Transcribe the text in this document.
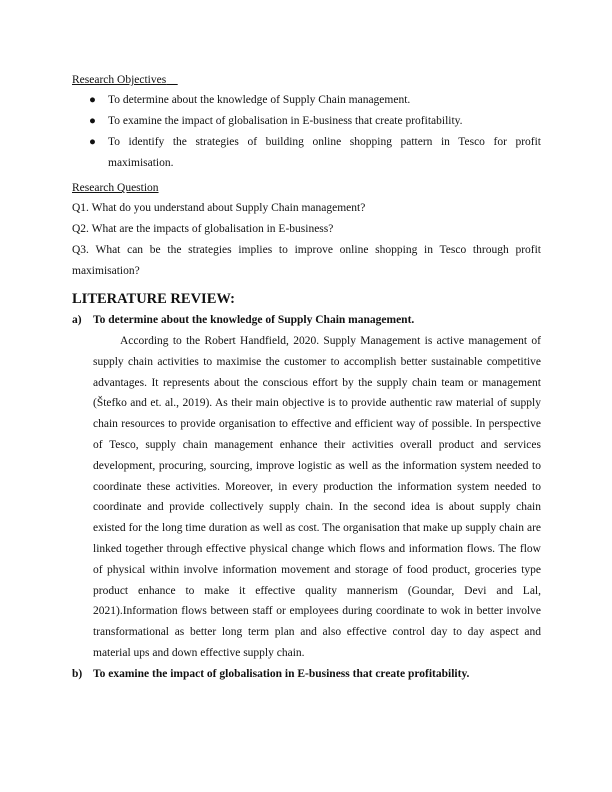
Research Objectives
● To determine about the knowledge of Supply Chain management.
● To examine the impact of globalisation in E-business that create profitability.
● To identify the strategies of building online shopping pattern in Tesco for profit maximisation.
Research Question
Q1. What do you understand about Supply Chain management?
Q2. What are the impacts of globalisation in E-business?
Q3. What can be the strategies implies to improve online shopping in Tesco through profit maximisation?
LITERATURE REVIEW:
a) To determine about the knowledge of Supply Chain management.
According to the Robert Handfield, 2020. Supply Management is active management of supply chain activities to maximise the customer to accomplish better sustainable competitive advantages. It represents about the conscious effort by the supply chain team or management (Štefko and et. al., 2019). As their main objective is to provide authentic raw material of supply chain resources to provide organisation to effective and efficient way of possible. In perspective of Tesco, supply chain management enhance their activities overall product and services development, procuring, sourcing, improve logistic as well as the information system needed to coordinate these activities. Moreover, in every production the information system needed to coordinate and provide collectively supply chain. In the second idea is about supply chain existed for the long time duration as well as cost. The organisation that make up supply chain are linked together through effective physical change which flows and information flows. The flow of physical within involve information movement and storage of food product, groceries type product enhance to make it effective quality mannerism (Goundar, Devi and Lal, 2021).Information flows between staff or employees during coordinate to wok in better involve transformational as better long term plan and also effective control day to day aspect and material ups and down effective supply chain.
b) To examine the impact of globalisation in E-business that create profitability.
